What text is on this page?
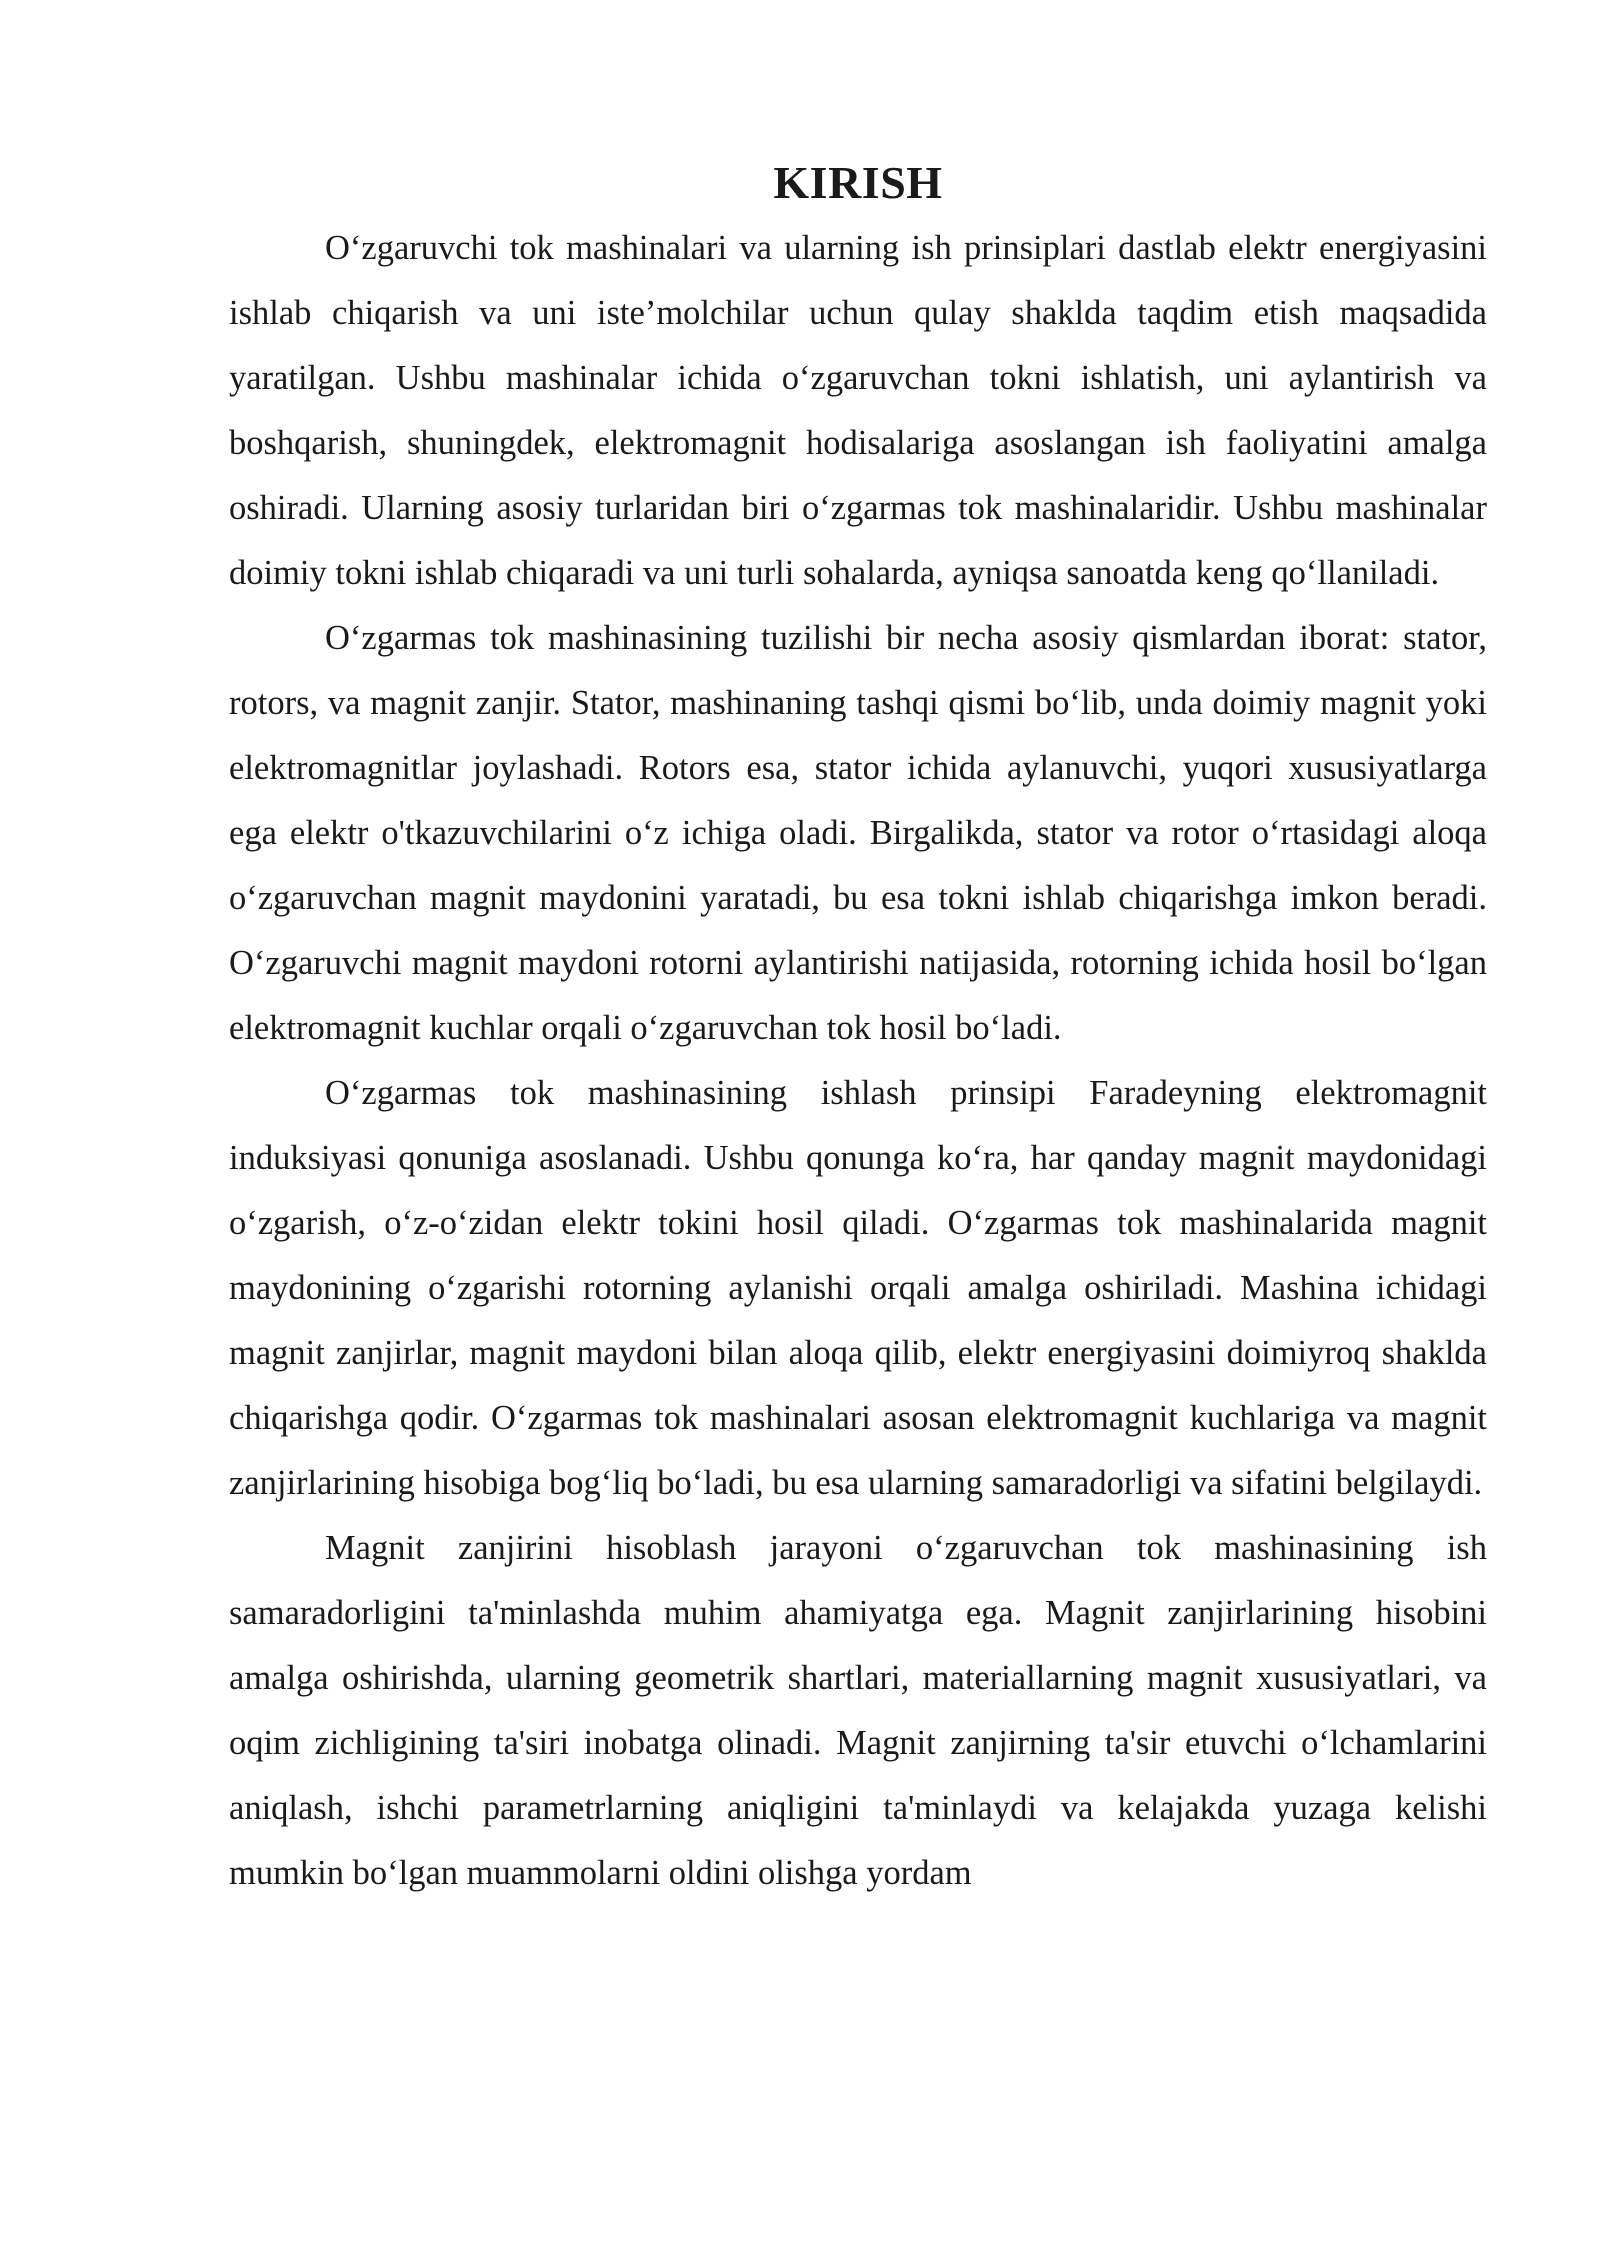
KIRISH

O‘zgaruvchi tok mashinalari va ularning ish prinsiplari dastlab elektr energiyasini ishlab chiqarish va uni iste’molchilar uchun qulay shaklda taqdim etish maqsadida yaratilgan. Ushbu mashinalar ichida o‘zgaruvchan tokni ishlatish, uni aylantirish va boshqarish, shuningdek, elektromagnit hodisalariga asoslangan ish faoliyatini amalga oshiradi. Ularning asosiy turlaridan biri o‘zgarmas tok mashinalaridir. Ushbu mashinalar doimiy tokni ishlab chiqaradi va uni turli sohalarda, ayniqsa sanoatda keng qo‘llaniladi.

O‘zgarmas tok mashinasining tuzilishi bir necha asosiy qismlardan iborat: stator, rotors, va magnit zanjir. Stator, mashinaning tashqi qismi bo‘lib, unda doimiy magnit yoki elektromagnitlar joylashadi. Rotors esa, stator ichida aylanuvchi, yuqori xususiyatlarga ega elektr o'tkazuvchilarini o‘z ichiga oladi. Birgalikda, stator va rotor o‘rtasidagi aloqa o‘zgaruvchan magnit maydonini yaratadi, bu esa tokni ishlab chiqarishga imkon beradi. O‘zgaruvchi magnit maydoni rotorni aylantirishi natijasida, rotorning ichida hosil bo‘lgan elektromagnit kuchlar orqali o‘zgaruvchan tok hosil bo‘ladi.

O‘zgarmas tok mashinasining ishlash prinsipi Faradeyning elektromagnit induksiyasi qonuniga asoslanadi. Ushbu qonunga ko‘ra, har qanday magnit maydonidagi o‘zgarish, o‘z-o‘zidan elektr tokini hosil qiladi. O‘zgarmas tok mashinalarida magnit maydonining o‘zgarishi rotorning aylanishi orqali amalga oshiriladi. Mashina ichidagi magnit zanjirlar, magnit maydoni bilan aloqa qilib, elektr energiyasini doimiyroq shaklda chiqarishga qodir. O‘zgarmas tok mashinalari asosan elektromagnit kuchlariga va magnit zanjirlarining hisobiga bog‘liq bo‘ladi, bu esa ularning samaradorligi va sifatini belgilaydi.

Magnit zanjirini hisoblash jarayoni o‘zgaruvchan tok mashinasining ish samaradorligini ta'minlashda muhim ahamiyatga ega. Magnit zanjirlarining hisobini amalga oshirishda, ularning geometrik shartlari, materiallarning magnit xususiyatlari, va oqim zichligining ta'siri inobatga olinadi. Magnit zanjirning ta'sir etuvchi o‘lchamlarini aniqlash, ishchi parametrlarning aniqligini ta'minlaydi va kelajakda yuzaga kelishi mumkin bo‘lgan muammolarni oldini olishga yordam
